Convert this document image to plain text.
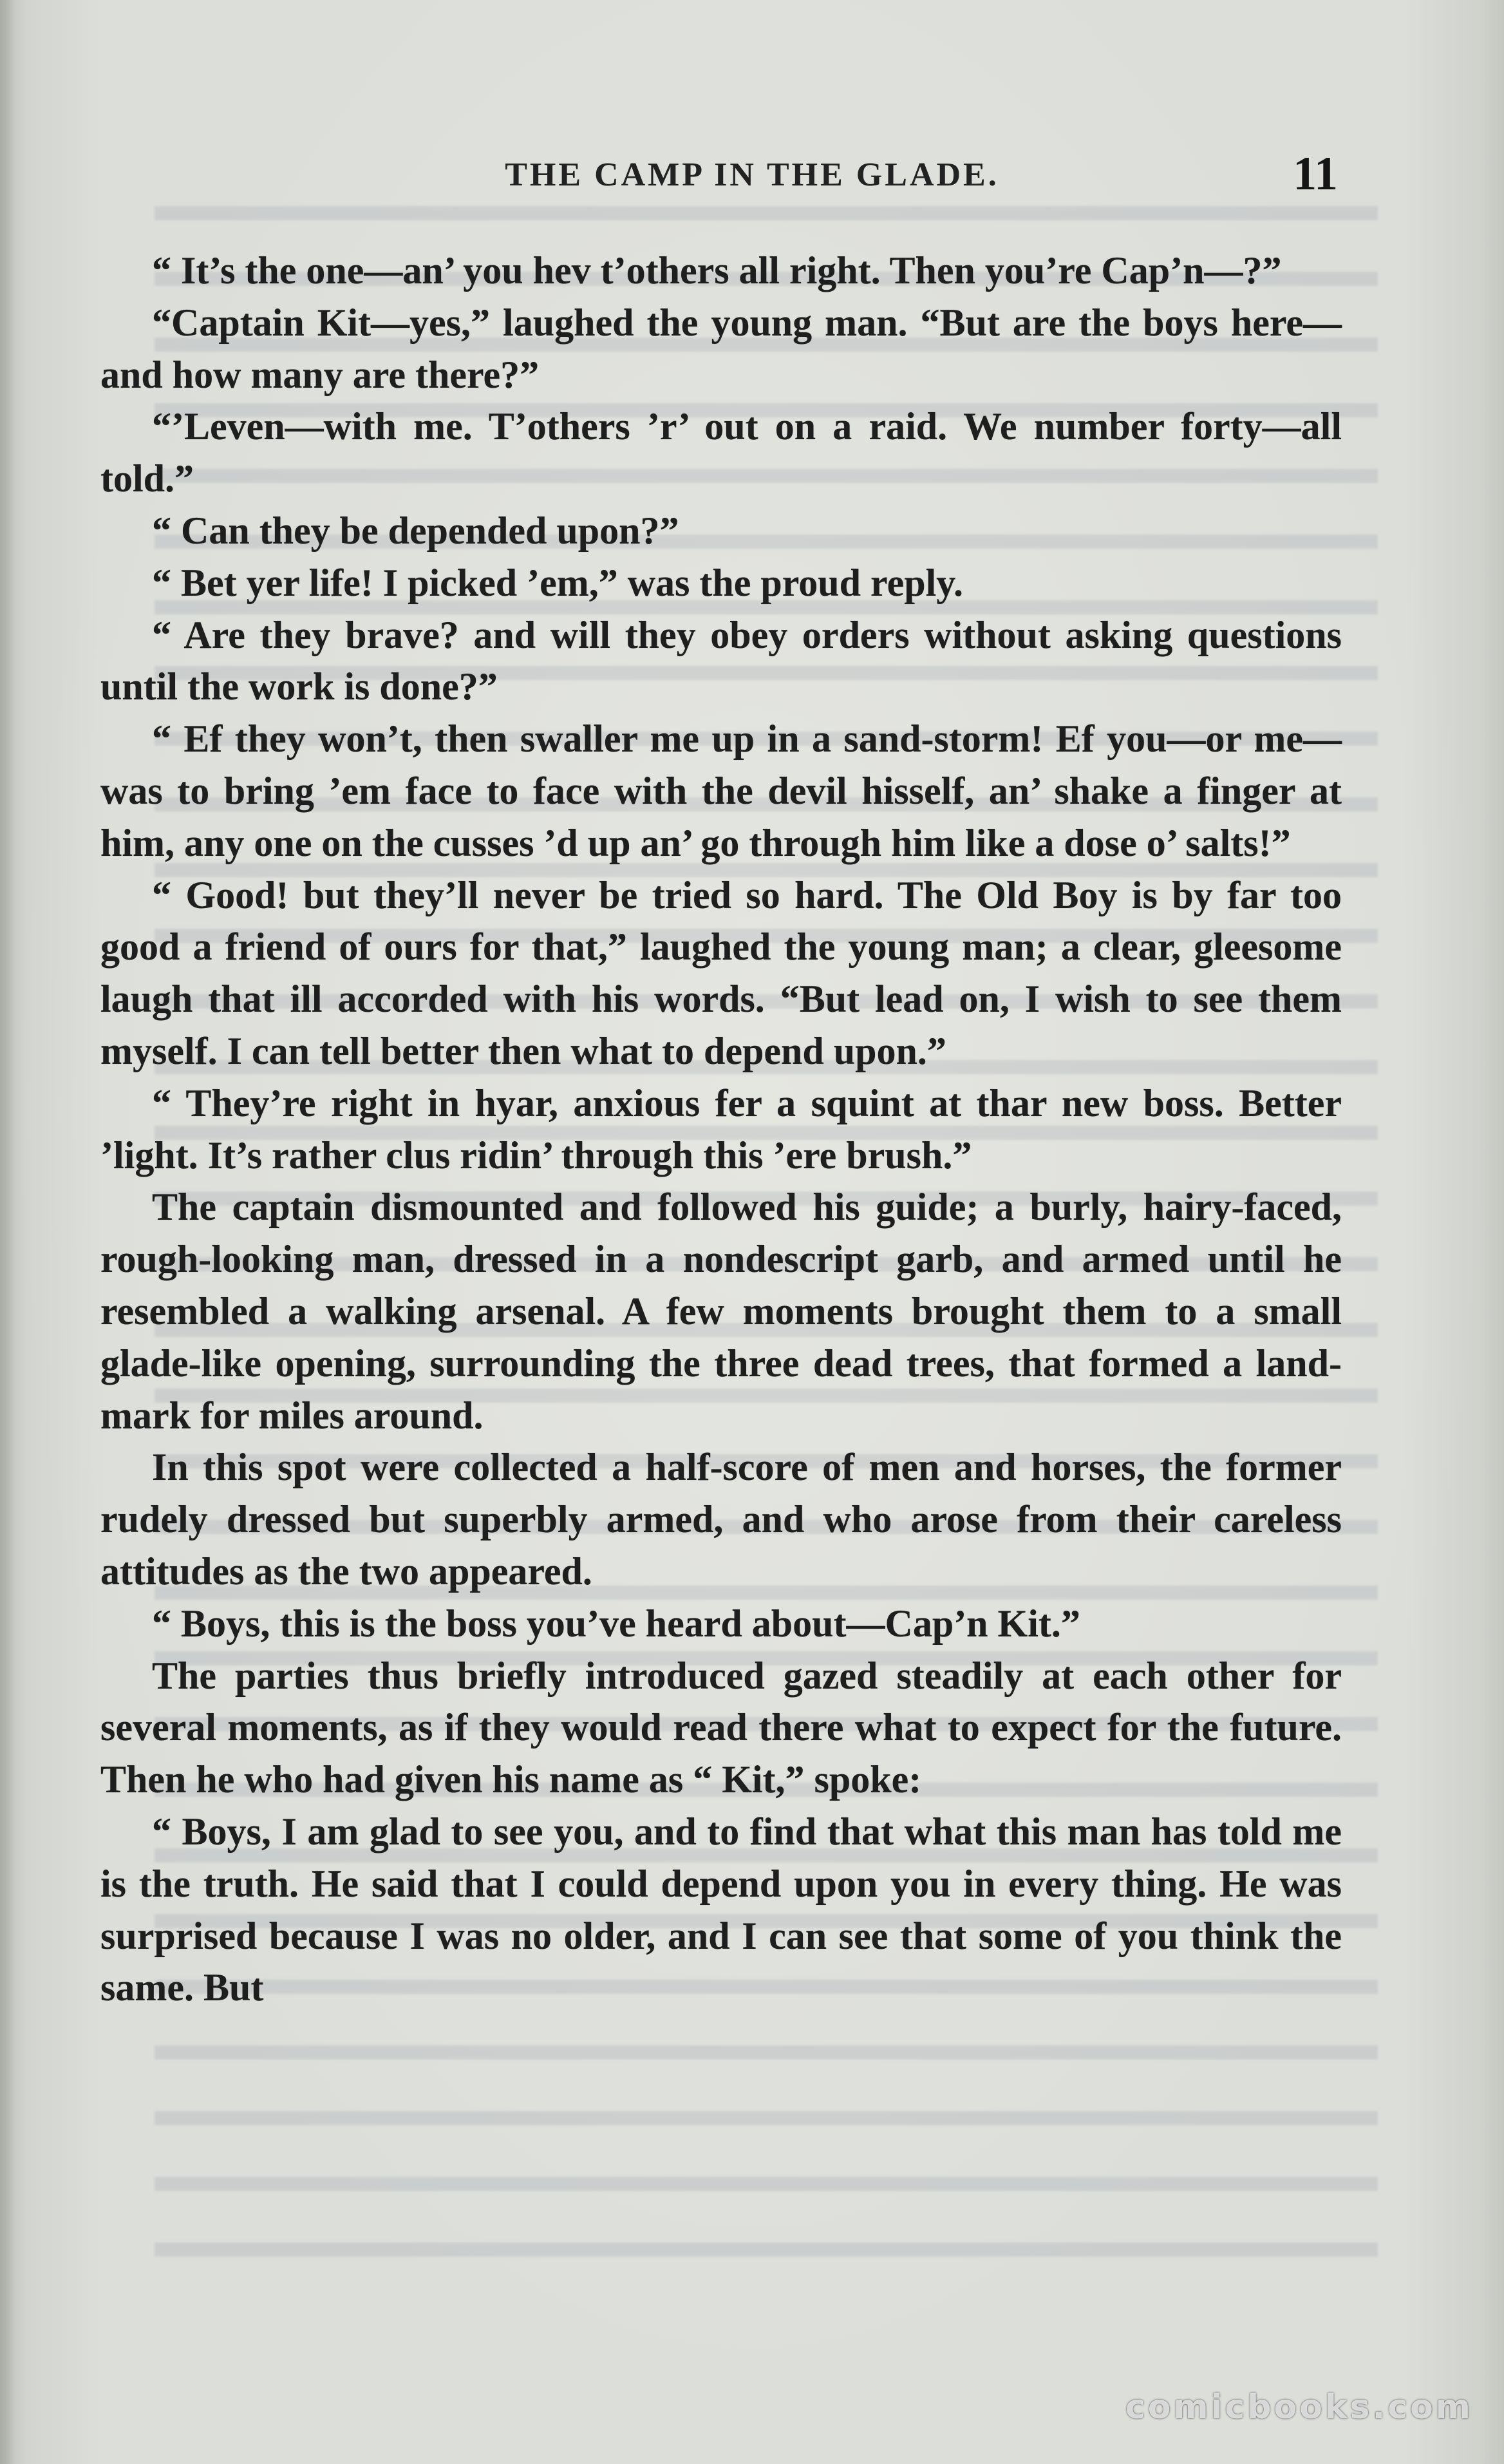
THE CAMP IN THE GLADE.	11

“ It’s the one—an’ you hev t’others all right. Then you’re Cap’n—?”

“Captain Kit—yes,” laughed the young man. “But are the boys here—and how many are there?”

“’Leven—with me. T’others ’r’ out on a raid. We number forty—all told.”

“ Can they be depended upon?”

“ Bet yer life! I picked ’em,” was the proud reply.

“ Are they brave? and will they obey orders without asking questions until the work is done?”

“ Ef they won’t, then swaller me up in a sand-storm! Ef you—or me—was to bring ’em face to face with the devil hisself, an’ shake a finger at him, any one on the cusses ’d up an’ go through him like a dose o’ salts!”

“ Good! but they’ll never be tried so hard. The Old Boy is by far too good a friend of ours for that,” laughed the young man; a clear, gleesome laugh that ill accorded with his words. “But lead on, I wish to see them myself. I can tell better then what to depend upon.”

“ They’re right in hyar, anxious fer a squint at thar new boss. Better ’light. It’s rather clus ridin’ through this ’ere brush.”

The captain dismounted and followed his guide; a burly, hairy-faced, rough-looking man, dressed in a nondescript garb, and armed until he resembled a walking arsenal. A few moments brought them to a small glade-like opening, surrounding the three dead trees, that formed a land-mark for miles around.

In this spot were collected a half-score of men and horses, the former rudely dressed but superbly armed, and who arose from their careless attitudes as the two appeared.

“ Boys, this is the boss you’ve heard about—Cap’n Kit.”

The parties thus briefly introduced gazed steadily at each other for several moments, as if they would read there what to expect for the future. Then he who had given his name as “ Kit,” spoke:

“ Boys, I am glad to see you, and to find that what this man has told me is the truth. He said that I could depend upon you in every thing. He was surprised because I was no older, and I can see that some of you think the same. But

comicbooks.com
